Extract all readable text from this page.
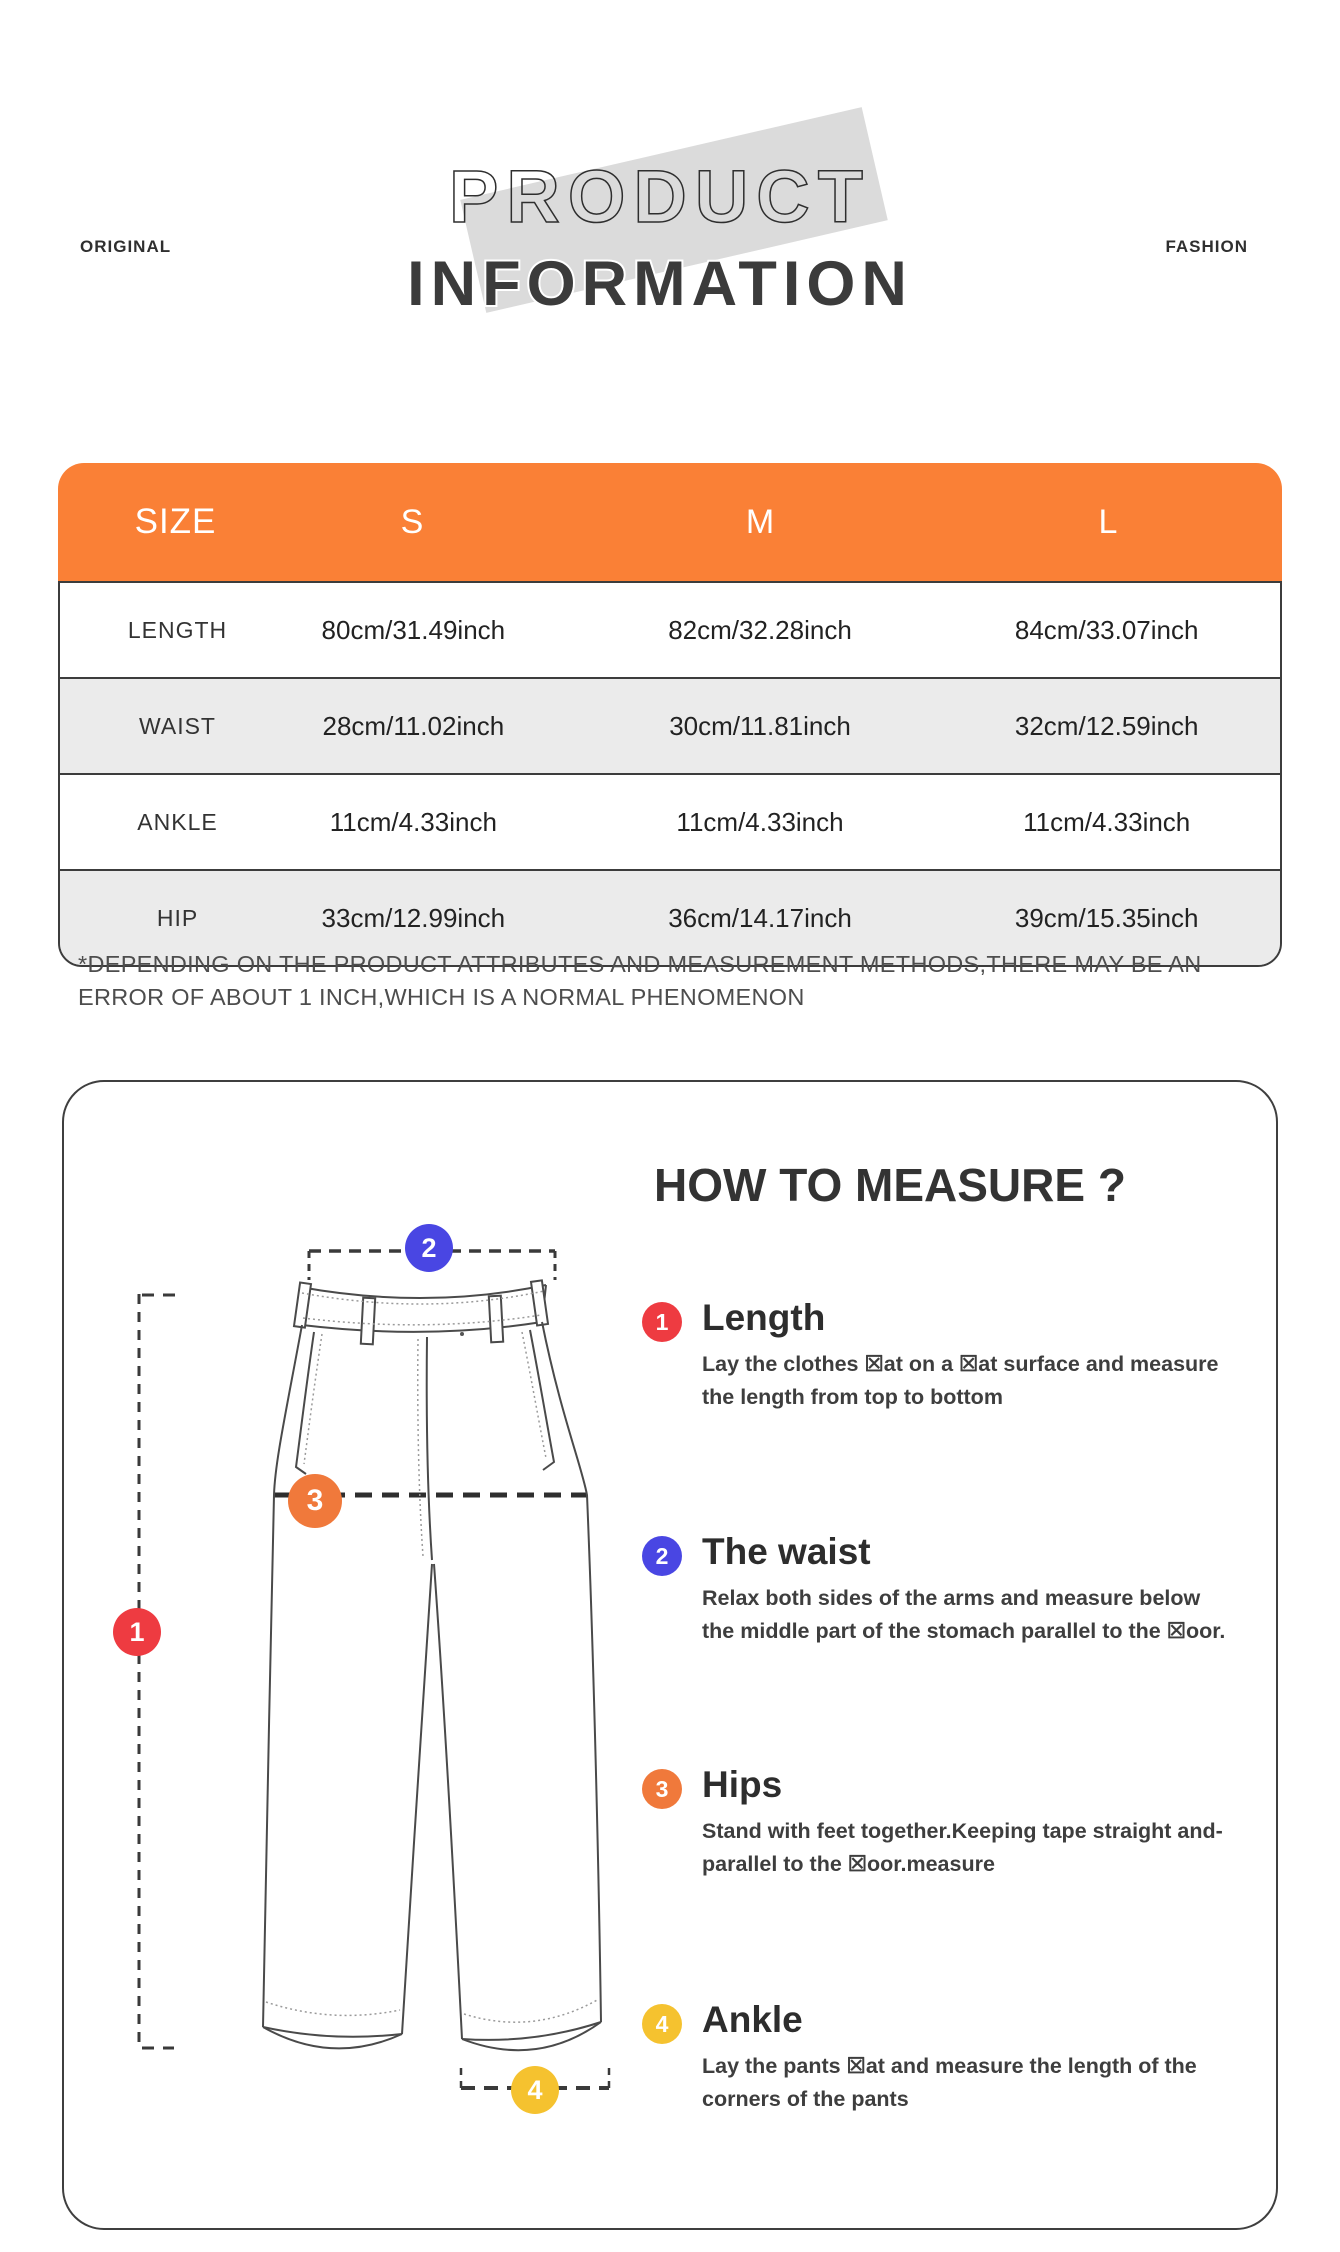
ORIGINAL	FASHION
PRODUCT
INFORMATION
SIZE	S	M	L
LENGTH	80cm/31.49inch	82cm/32.28inch	84cm/33.07inch
WAIST	28cm/11.02inch	30cm/11.81inch	32cm/12.59inch
ANKLE	11cm/4.33inch	11cm/4.33inch	11cm/4.33inch
HIP	33cm/12.99inch	36cm/14.17inch	39cm/15.35inch
*DEPENDING ON THE PRODUCT ATTRIBUTES AND MEASUREMENT METHODS,THERE MAY BE AN ERROR OF ABOUT 1 INCH,WHICH IS A NORMAL PHENOMENON
HOW TO MEASURE ?
1
2
3
4
1 Length
Lay the clothes ☒at on a ☒at surface and measure the length from top to bottom
2 The waist
Relax both sides of the arms and measure below the middle part of the stomach parallel to the ☒oor.
3 Hips
Stand with feet together.Keeping tape straight and-parallel to the ☒oor.measure
4 Ankle
Lay the pants ☒at and measure the length of the corners of the pants
